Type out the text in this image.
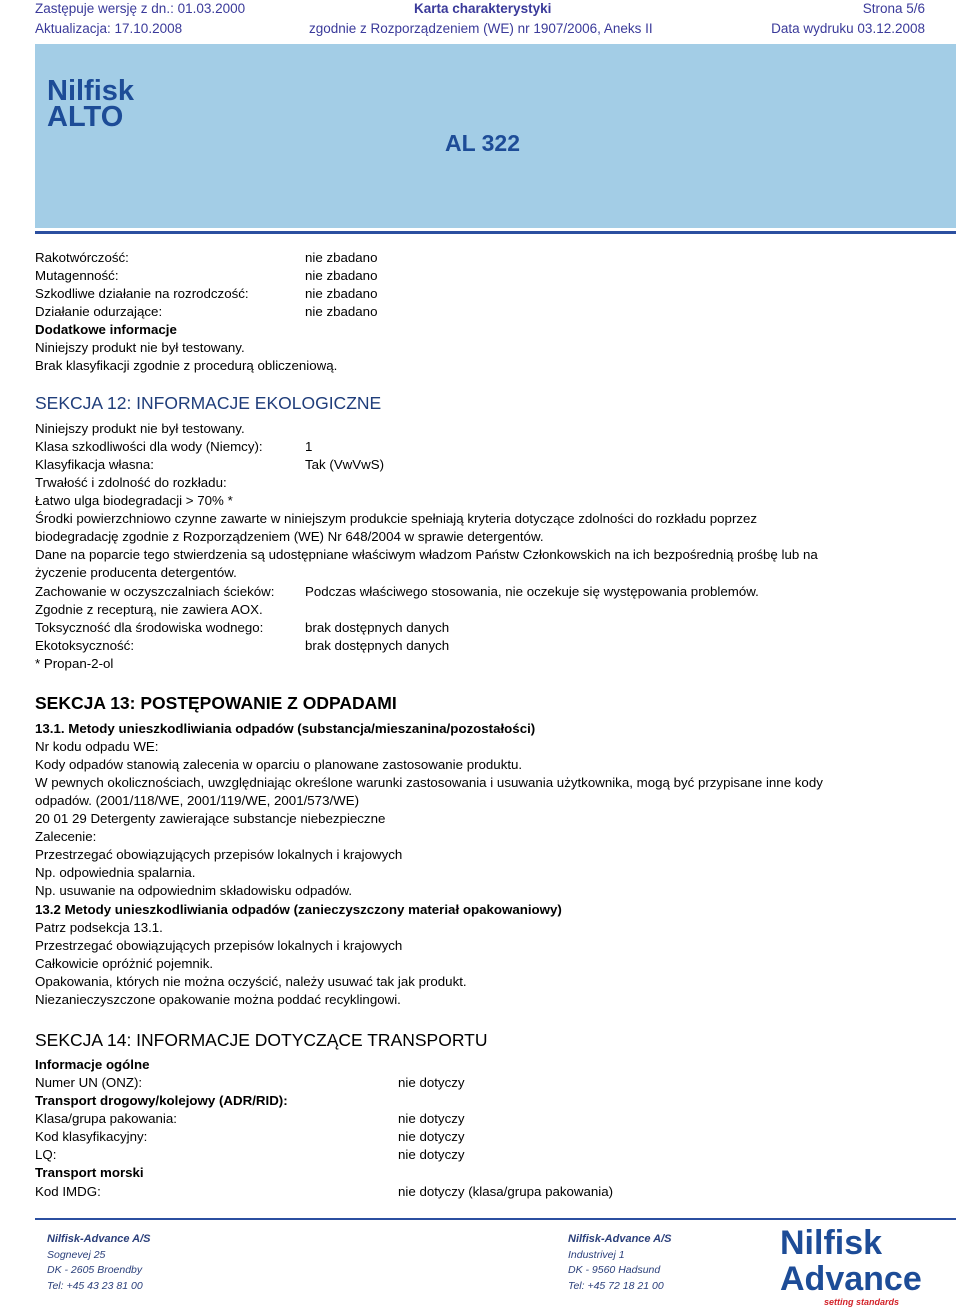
Zastępuje wersję z dn.: 01.03.2000	Karta charakterystyki	Strona 5/6
Aktualizacja: 17.10.2008	zgodnie z Rozporządzeniem (WE) nr 1907/2006, Aneks II	Data wydruku 03.12.2008
Nilfisk
ALTO
AL 322
Rakotwórczość:	nie zbadano
Mutagenność:	nie zbadano
Szkodliwe działanie na rozrodczość:	nie zbadano
Działanie odurzające:	nie zbadano
Dodatkowe informacje
Niniejszy produkt nie był testowany.
Brak klasyfikacji zgodnie z procedurą obliczeniową.
SEKCJA 12: INFORMACJE EKOLOGICZNE
Niniejszy produkt nie był testowany.
Klasa szkodliwości dla wody (Niemcy):	1
Klasyfikacja własna:	Tak (VwVwS)
Trwałość i zdolność do rozkładu:
Łatwo ulga biodegradacji > 70% *
Środki powierzchniowo czynne zawarte w niniejszym produkcie spełniają kryteria dotyczące zdolności do rozkładu poprzez
biodegradację zgodnie z Rozporządzeniem (WE) Nr 648/2004 w sprawie detergentów.
Dane na poparcie tego stwierdzenia są udostępniane właściwym władzom Państw Członkowskich na ich bezpośrednią prośbę lub na
życzenie producenta detergentów.
Zachowanie w oczyszczalniach ścieków: Podczas właściwego stosowania, nie oczekuje się występowania problemów.
Zgodnie z recepturą, nie zawiera AOX.
Toksyczność dla środowiska wodnego:	brak dostępnych danych
Ekotoksyczność:	brak dostępnych danych
* Propan-2-ol
SEKCJA 13: POSTĘPOWANIE Z ODPADAMI
13.1. Metody unieszkodliwiania odpadów (substancja/mieszanina/pozostałości)
Nr kodu odpadu WE:
Kody odpadów stanowią zalecenia w oparciu o planowane zastosowanie produktu.
W pewnych okolicznościach, uwzględniając określone warunki zastosowania i usuwania użytkownika, mogą być przypisane inne kody
odpadów. (2001/118/WE, 2001/119/WE, 2001/573/WE)
20 01 29 Detergenty zawierające substancje niebezpieczne
Zalecenie:
Przestrzegać obowiązujących przepisów lokalnych i krajowych
Np. odpowiednia spalarnia.
Np. usuwanie na odpowiednim składowisku odpadów.
13.2 Metody unieszkodliwiania odpadów (zanieczyszczony materiał opakowaniowy)
Patrz podsekcja 13.1.
Przestrzegać obowiązujących przepisów lokalnych i krajowych
Całkowicie opróżnić pojemnik.
Opakowania, których nie można oczyścić, należy usuwać tak jak produkt.
Niezanieczyszczone opakowanie można poddać recyklingowi.
SEKCJA 14: INFORMACJE DOTYCZĄCE TRANSPORTU
Informacje ogólne
Numer UN (ONZ):	nie dotyczy
Transport drogowy/kolejowy (ADR/RID):
Klasa/grupa pakowania:	nie dotyczy
Kod klasyfikacyjny:	nie dotyczy
LQ:	nie dotyczy
Transport morski
Kod IMDG:	nie dotyczy (klasa/grupa pakowania)
Nilfisk-Advance A/S
Sognevej 25
DK - 2605 Broendby
Tel: +45 43 23 81 00
Nilfisk-Advance A/S
Industrivej 1
DK - 9560 Hadsund
Tel: +45 72 18 21 00
Nilfisk
Advance
setting standards
